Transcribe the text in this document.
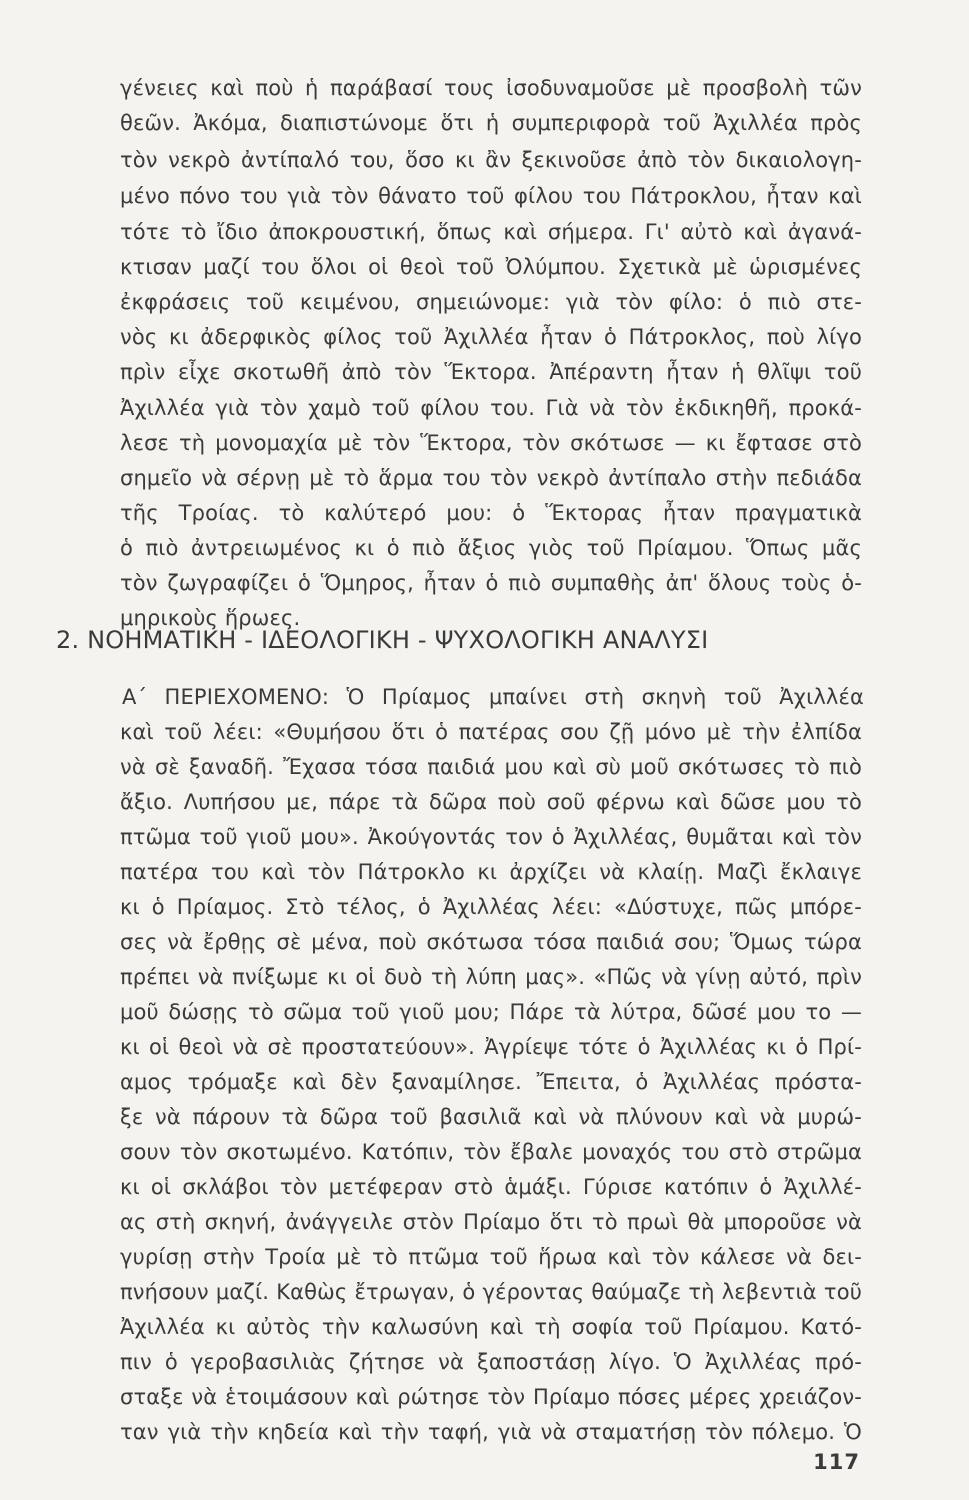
γένειες καὶ ποὺ ἡ παράβασί τους ἰσοδυναμοῦσε μὲ προσβολὴ τῶν
θεῶν. Ἀκόμα, διαπιστώνομε ὅτι ἡ συμπεριφορὰ τοῦ Ἀχιλλέα πρὸς
τὸν νεκρὸ ἀντίπαλό του, ὅσο κι ἂν ξεκινοῦσε ἀπὸ τὸν δικαιολογη-
μένο πόνο του γιὰ τὸν θάνατο τοῦ φίλου του Πάτροκλου, ἦταν καὶ
τότε τὸ ἴδιο ἀποκρουστική, ὅπως καὶ σήμερα. Γι' αὐτὸ καὶ ἀγανά-
κτισαν μαζί του ὅλοι οἱ θεοὶ τοῦ Ὀλύμπου. Σχετικὰ μὲ ὡρισμένες
ἐκφράσεις τοῦ κειμένου, σημειώνομε: γιὰ τὸν φίλο: ὁ πιὸ στε-
νὸς κι ἀδερφικὸς φίλος τοῦ Ἀχιλλέα ἦταν ὁ Πάτροκλος, ποὺ λίγο
πρὶν εἶχε σκοτωθῆ ἀπὸ τὸν Ἕκτορα. Ἀπέραντη ἦταν ἡ θλῖψι τοῦ
Ἀχιλλέα γιὰ τὸν χαμὸ τοῦ φίλου του. Γιὰ νὰ τὸν ἐκδικηθῆ, προκά-
λεσε τὴ μονομαχία μὲ τὸν Ἕκτορα, τὸν σκότωσε — κι ἔφτασε στὸ
σημεῖο νὰ σέρνῃ μὲ τὸ ἅρμα του τὸν νεκρὸ ἀντίπαλο στὴν πεδιάδα
τῆς Τροίας. τὸ καλύτερό μου: ὁ Ἕκτορας ἦταν πραγματικὰ
ὁ πιὸ ἀντρειωμένος κι ὁ πιὸ ἄξιος γιὸς τοῦ Πρίαμου. Ὅπως μᾶς
τὸν ζωγραφίζει ὁ Ὅμηρος, ἦταν ὁ πιὸ συμπαθὴς ἀπ' ὅλους τοὺς ὁ-
μηρικοὺς ἥρωες.
2. ΝΟΗΜΑΤΙΚΗ - ΙΔΕΟΛΟΓΙΚΗ - ΨΥΧΟΛΟΓΙΚΗ ΑΝΑΛΥΣΙ
Α΄ ΠΕΡΙΕΧΟΜΕΝΟ: Ὁ Πρίαμος μπαίνει στὴ σκηνὴ τοῦ Ἀχιλλέα
καὶ τοῦ λέει: «Θυμήσου ὅτι ὁ πατέρας σου ζῇ μόνο μὲ τὴν ἐλπίδα
νὰ σὲ ξαναδῆ. Ἔχασα τόσα παιδιά μου καὶ σὺ μοῦ σκότωσες τὸ πιὸ
ἄξιο. Λυπήσου με, πάρε τὰ δῶρα ποὺ σοῦ φέρνω καὶ δῶσε μου τὸ
πτῶμα τοῦ γιοῦ μου». Ἀκούγοντάς τον ὁ Ἀχιλλέας, θυμᾶται καὶ τὸν
πατέρα του καὶ τὸν Πάτροκλο κι ἀρχίζει νὰ κλαίῃ. Μαζὶ ἔκλαιγε
κι ὁ Πρίαμος. Στὸ τέλος, ὁ Ἀχιλλέας λέει: «Δύστυχε, πῶς μπόρε-
σες νὰ ἔρθῃς σὲ μένα, ποὺ σκότωσα τόσα παιδιά σου; Ὅμως τώρα
πρέπει νὰ πνίξωμε κι οἱ δυὸ τὴ λύπη μας». «Πῶς νὰ γίνῃ αὐτό, πρὶν
μοῦ δώσῃς τὸ σῶμα τοῦ γιοῦ μου; Πάρε τὰ λύτρα, δῶσέ μου το —
κι οἱ θεοὶ νὰ σὲ προστατεύουν». Ἀγρίεψε τότε ὁ Ἀχιλλέας κι ὁ Πρί-
αμος τρόμαξε καὶ δὲν ξαναμίλησε. Ἔπειτα, ὁ Ἀχιλλέας πρόστα-
ξε νὰ πάρουν τὰ δῶρα τοῦ βασιλιᾶ καὶ νὰ πλύνουν καὶ νὰ μυρώ-
σουν τὸν σκοτωμένο. Κατόπιν, τὸν ἔβαλε μοναχός του στὸ στρῶμα
κι οἱ σκλάβοι τὸν μετέφεραν στὸ ἁμάξι. Γύρισε κατόπιν ὁ Ἀχιλλέ-
ας στὴ σκηνή, ἀνάγγειλε στὸν Πρίαμο ὅτι τὸ πρωὶ θὰ μποροῦσε νὰ
γυρίσῃ στὴν Τροία μὲ τὸ πτῶμα τοῦ ἥρωα καὶ τὸν κάλεσε νὰ δει-
πνήσουν μαζί. Καθὼς ἔτρωγαν, ὁ γέροντας θαύμαζε τὴ λεβεντιὰ τοῦ
Ἀχιλλέα κι αὐτὸς τὴν καλωσύνη καὶ τὴ σοφία τοῦ Πρίαμου. Κατό-
πιν ὁ γεροβασιλιὰς ζήτησε νὰ ξαποστάσῃ λίγο. Ὁ Ἀχιλλέας πρό-
σταξε νὰ ἑτοιμάσουν καὶ ρώτησε τὸν Πρίαμο πόσες μέρες χρειάζον-
ταν γιὰ τὴν κηδεία καὶ τὴν ταφή, γιὰ νὰ σταματήσῃ τὸν πόλεμο. Ὁ
117
